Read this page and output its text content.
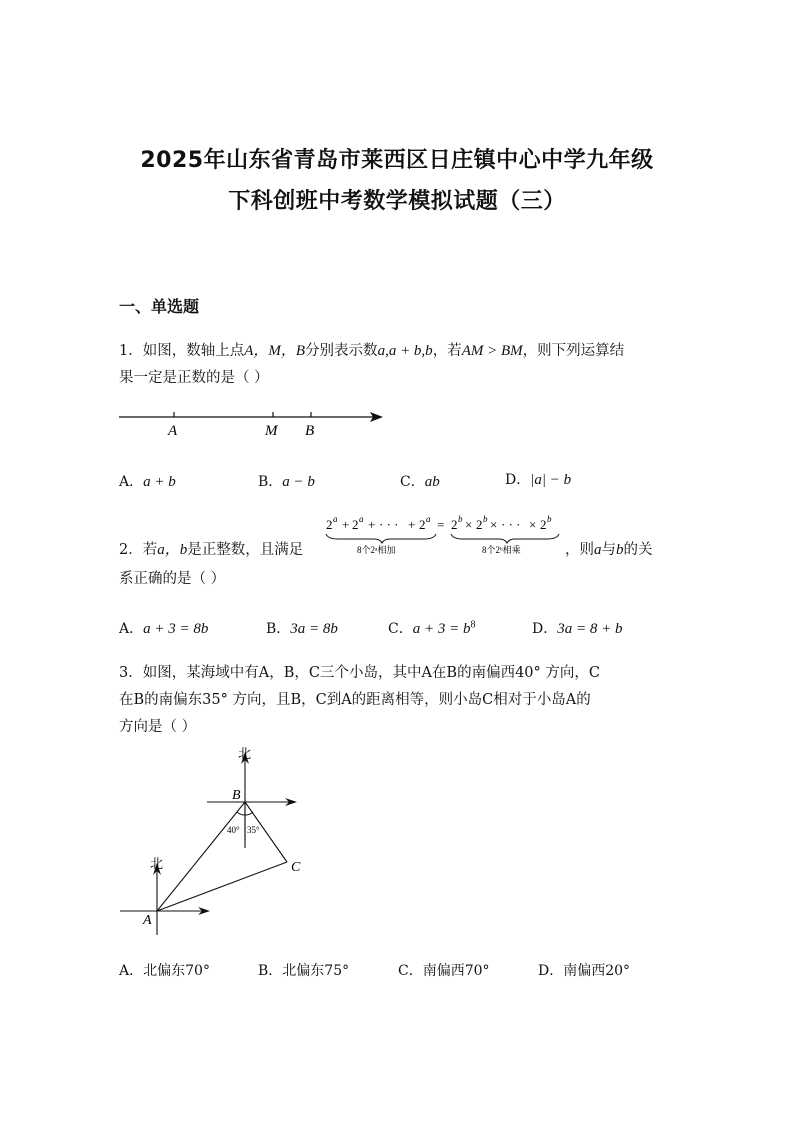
2025年山东省青岛市莱西区日庄镇中心中学九年级
下科创班中考数学模拟试题（三）
一、单选题
1．如图，数轴上点A，M，B分别表示数a,a + b,b，若AM > BM，则下列运算结
果一定是正数的是（ ）
A	M B
A．a + b	B．a − b	C．ab	D．|a| − b
2．若a，b是正整数，且满足
2 a + 2 a + · · · + 2 a = 2 b × 2 b × · · · × 2 b
8个2ᵃ相加	8个2ᵇ相乘	，则a与b的关
系正确的是（ ）
A．a + 3 = 8b	B．3a = 8b	C．$a + 3 = b^8$	D．3a = 8 + b
3．如图，某海域中有A，B，C三个小岛，其中A在B的南偏西40° 方向，C
在B的南偏东35° 方向，且B，C到A的距离相等，则小岛C相对于小岛A的
方向是（ ）
北
北
40° 35°
B
A
C
A．北偏东70°	B．北偏东75°	C．南偏西70°	D．南偏西20°
